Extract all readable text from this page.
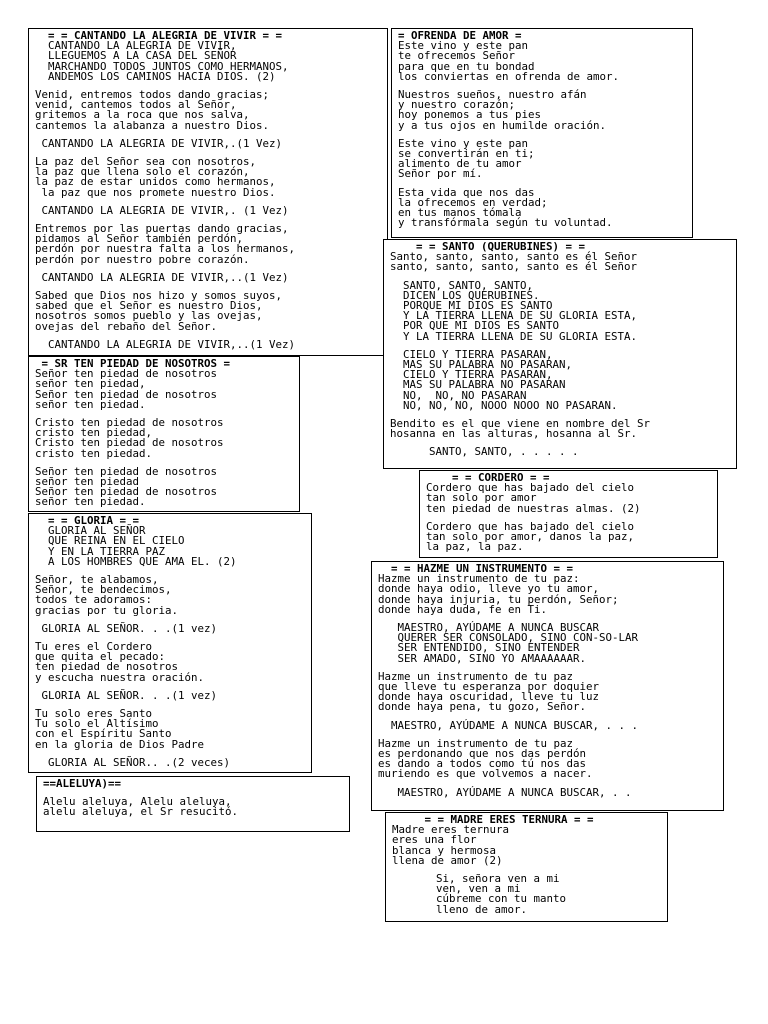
= = CANTANDO LA ALEGRIA DE VIVIR = =
CANTANDO LA ALEGRIA DE VIVIR,
LLEGUEMOS A LA CASA DEL SEÑOR
MARCHANDO TODOS JUNTOS COMO HERMANOS,
ANDEMOS LOS CAMINOS HACIA DIOS. (2)
Venid, entremos todos dando gracias;
venid, cantemos todos al Señor,
gritemos a la roca que nos salva,
cantemos la alabanza a nuestro Dios.
CANTANDO LA ALEGRIA DE VIVIR,.(1 Vez)
La paz del Señor sea con nosotros,
la paz que llena solo el corazón,
la paz de estar unidos como hermanos,
la paz que nos promete nuestro Dios.
CANTANDO LA ALEGRIA DE VIVIR,. (1 Vez)
Entremos por las puertas dando gracias,
pidamos al Señor también perdón,
perdón por nuestra falta a los hermanos,
perdón por nuestro pobre corazón.
CANTANDO LA ALEGRIA DE VIVIR,..(1 Vez)
Sabed que Dios nos hizo y somos suyos,
sabed que el Señor es nuestro Dios,
nosotros somos pueblo y las ovejas,
ovejas del rebaño del Señor.
CANTANDO LA ALEGRIA DE VIVIR,..(1 Vez)
= OFRENDA DE AMOR =
Este vino y este pan
te ofrecemos Señor
para que en tu bondad
los conviertas en ofrenda de amor.
Nuestros sueños, nuestro afán
y nuestro corazón;
hoy ponemos a tus pies
y a tus ojos en humilde oración.
Este vino y este pan
se convertirán en ti;
alimento de tu amor
Señor por mí.
Esta vida que nos das
la ofrecemos en verdad;
en tus manos tómala
y transfórmala según tu voluntad.
= = SANTO (QUERUBINES) = =
Santo, santo, santo, santo es él Señor
santo, santo, santo, santo es él Señor
SANTO, SANTO, SANTO,
DICEN LOS QUERUBINES.
PORQUE MI DIOS ES SANTO
Y LA TIERRA LLENA DE SU GLORIA ESTA,
POR QUE MI DIOS ES SANTO
Y LA TIERRA LLENA DE SU GLORIA ESTA.
CIELO Y TIERRA PASARAN,
MAS SU PALABRA NO PASARAN,
CIELO Y TIERRA PASARAN,
MAS SU PALABRA NO PASARAN
NO,  NO, NO PASARAN
NO, NO, NO, NOOO NOOO NO PASARAN.
Bendito es el que viene en nombre del Sr
hosanna en las alturas, hosanna al Sr.
SANTO, SANTO, . . . . .
= SR TEN PIEDAD DE NOSOTROS =
Señor ten piedad de nosotros
señor ten piedad,
Señor ten piedad de nosotros
señor ten piedad.
Cristo ten piedad de nosotros
cristo ten piedad,
Cristo ten piedad de nosotros
cristo ten piedad.
Señor ten piedad de nosotros
señor ten piedad
Señor ten piedad de nosotros
señor ten piedad.
= = CORDERO = =
Cordero que has bajado del cielo
tan solo por amor
ten piedad de nuestras almas. (2)
Cordero que has bajado del cielo
tan solo por amor, danos la paz,
la paz, la paz.
= = GLORIA = =
GLORIA AL SEÑOR
QUE REINA EN EL CIELO
Y EN LA TIERRA PAZ
A LOS HOMBRES QUE AMA EL. (2)
Señor, te alabamos,
Señor, te bendecimos,
todos te adoramos:
gracias por tu gloria.
GLORIA AL SEÑOR. . .(1 vez)
Tu eres el Cordero
que quita el pecado:
ten piedad de nosotros
y escucha nuestra oración.
GLORIA AL SEÑOR. . .(1 vez)
Tu solo eres Santo
Tu solo el Altísimo
con el Espíritu Santo
en la gloria de Dios Padre
GLORIA AL SEÑOR.. .(2 veces)
= = HAZME UN INSTRUMENTO = =
Hazme un instrumento de tu paz:
donde haya odio, lleve yo tu amor,
donde haya injuria, tu perdón, Señor;
donde haya duda, fe en Ti.
MAESTRO, AYÚDAME A NUNCA BUSCAR
QUERER SER CONSOLADO, SINO CON-SO-LAR
SER ENTENDIDO, SINO ENTENDER
SER AMADO, SINO YO AMAAAAAAR.
Hazme un instrumento de tu paz
que lleve tu esperanza por doquier
donde haya oscuridad, lleve tu luz
donde haya pena, tu gozo, Señor.
MAESTRO, AYÚDAME A NUNCA BUSCAR, . . .
Hazme un instrumento de tu paz
es perdonando que nos das perdón
es dando a todos como tú nos das
muriendo es que volvemos a nacer.
MAESTRO, AYÚDAME A NUNCA BUSCAR, . .
==ALELUYA)==
Alelu aleluya, Alelu aleluya,
alelu aleluya, el Sr resucitó.
= = MADRE ERES TERNURA = =
Madre eres ternura
eres una flor
blanca y hermosa
llena de amor (2)
Si, señora ven a mi
ven, ven a mi
cúbreme con tu manto
lleno de amor.
